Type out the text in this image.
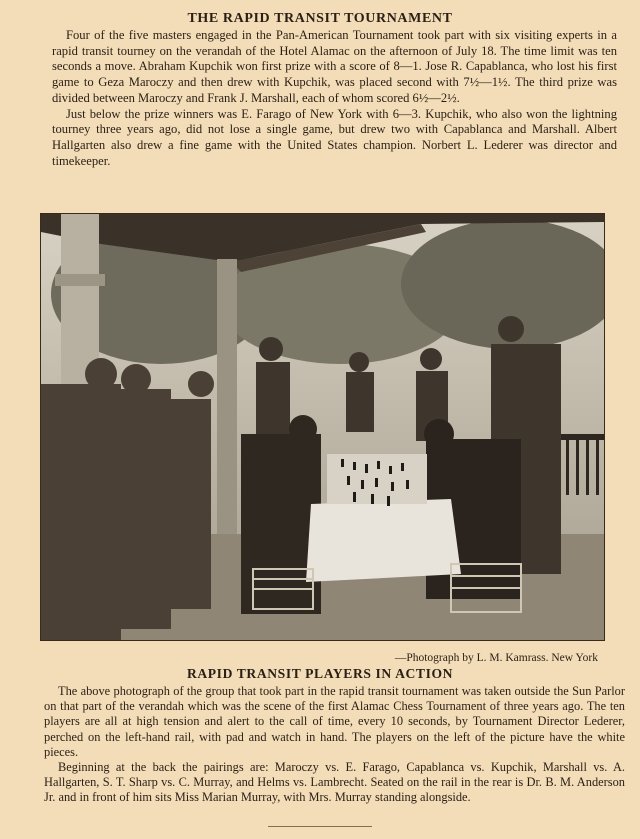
THE RAPID TRANSIT TOURNAMENT

Four of the five masters engaged in the Pan-American Tournament took part with six visiting experts in a rapid transit tourney on the verandah of the Hotel Alamac on the afternoon of July 18. The time limit was ten seconds a move. Abraham Kupchik won first prize with a score of 8—1. Jose R. Capablanca, who lost his first game to Geza Maroczy and then drew with Kupchik, was placed second with 7½—1½. The third prize was divided between Maroczy and Frank J. Marshall, each of whom scored 6½—2½.

Just below the prize winners was E. Farago of New York with 6—3. Kupchik, who also won the lightning tourney three years ago, did not lose a single game, but drew two with Capablanca and Marshall. Albert Hallgarten also drew a fine game with the United States champion. Norbert L. Lederer was director and timekeeper.

—Photograph by L. M. Kamrass. New York
RAPID TRANSIT PLAYERS IN ACTION

The above photograph of the group that took part in the rapid transit tournament was taken outside the Sun Parlor on that part of the verandah which was the scene of the first Alamac Chess Tournament of three years ago. The ten players are all at high tension and alert to the call of time, every 10 seconds, by Tournament Director Lederer, perched on the left-hand rail, with pad and watch in hand. The players on the left of the picture have the white pieces.

Beginning at the back the pairings are: Maroczy vs. E. Farago, Capablanca vs. Kupchik, Marshall vs. A. Hallgarten, S. T. Sharp vs. C. Murray, and Helms vs. Lambrecht. Seated on the rail in the rear is Dr. B. M. Anderson Jr. and in front of him sits Miss Marian Murray, with Mrs. Murray standing alongside.
